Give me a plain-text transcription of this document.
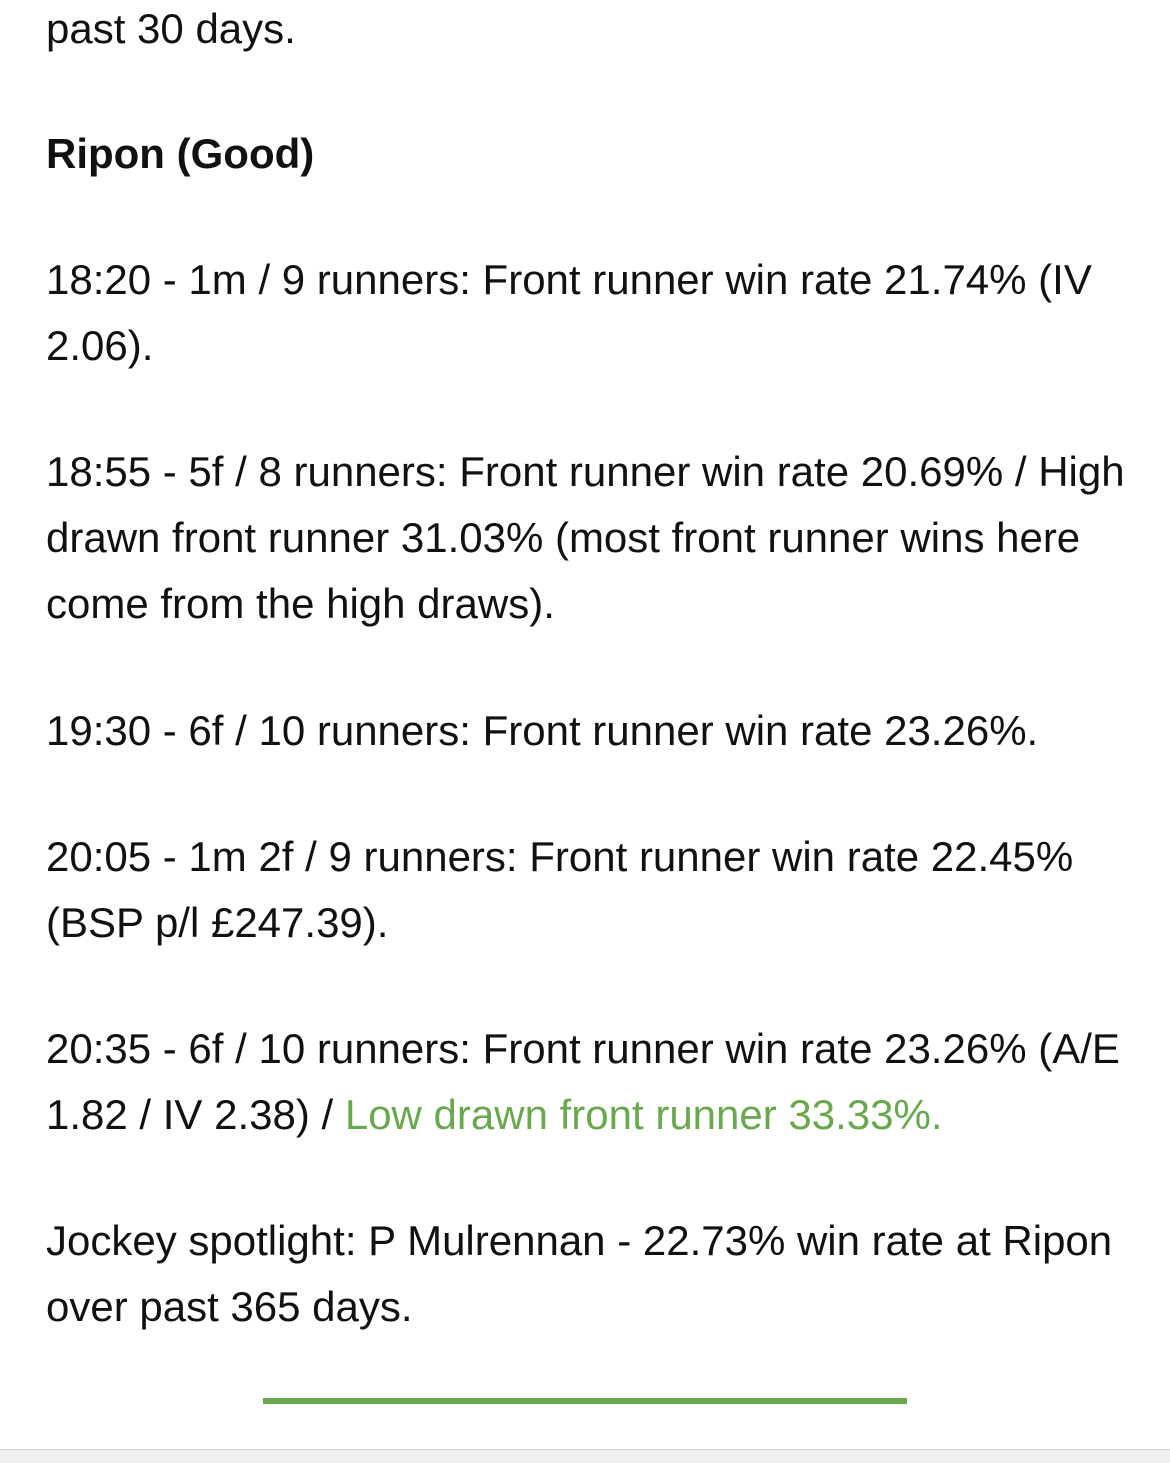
past 30 days.

Ripon (Good)

18:20 - 1m / 9 runners: Front runner win rate 21.74% (IV 2.06).

18:55 - 5f / 8 runners: Front runner win rate 20.69% / High drawn front runner 31.03% (most front runner wins here come from the high draws).

19:30 - 6f / 10 runners: Front runner win rate 23.26%.

20:05 - 1m 2f / 9 runners: Front runner win rate 22.45% (BSP p/l £247.39).

20:35 - 6f / 10 runners: Front runner win rate 23.26% (A/E 1.82 / IV 2.38) / Low drawn front runner 33.33%.

Jockey spotlight: P Mulrennan - 22.73% win rate at Ripon over past 365 days.
